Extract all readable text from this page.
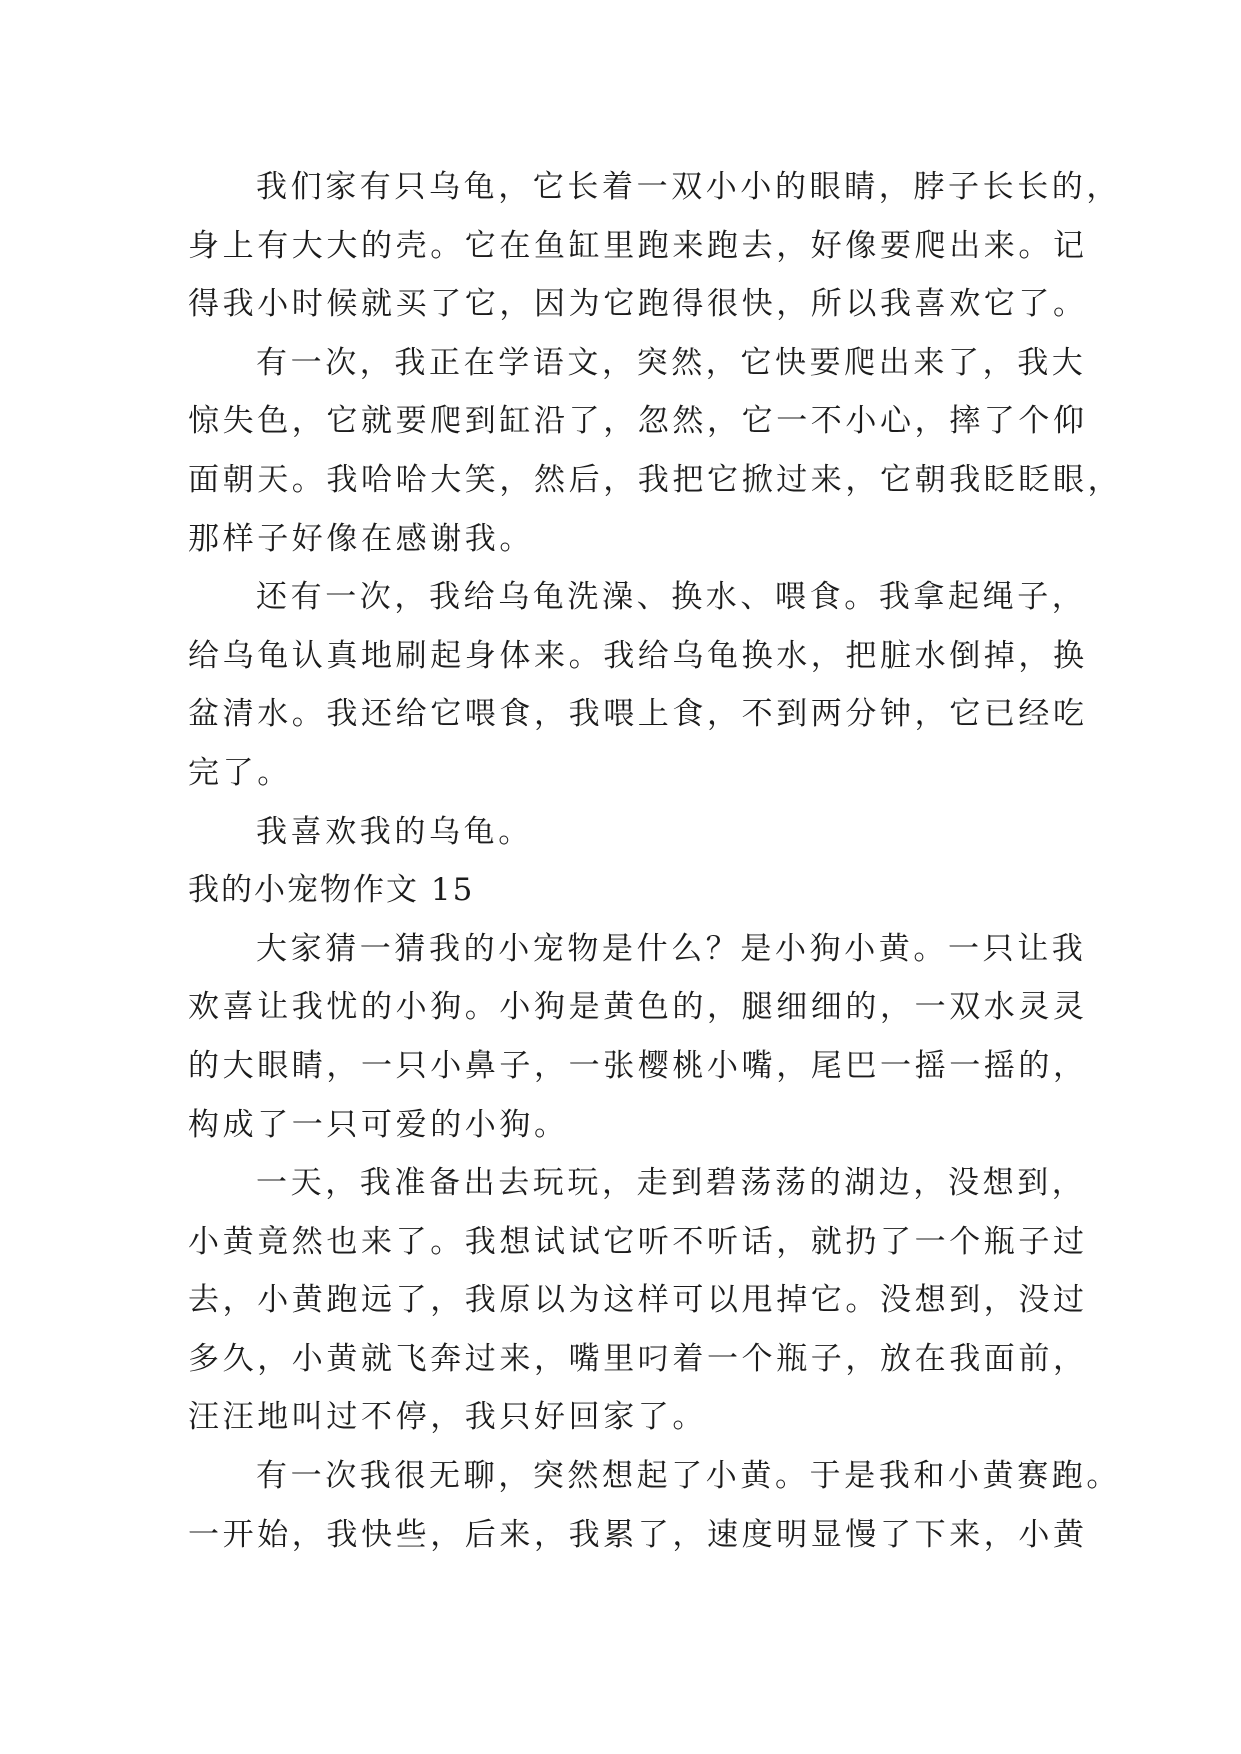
我们家有只乌龟，它长着一双小小的眼睛，脖子长长的，
身上有大大的壳。它在鱼缸里跑来跑去，好像要爬出来。记
得我小时候就买了它，因为它跑得很快，所以我喜欢它了。
有一次，我正在学语文，突然，它快要爬出来了，我大
惊失色，它就要爬到缸沿了，忽然，它一不小心，摔了个仰
面朝天。我哈哈大笑，然后，我把它掀过来，它朝我眨眨眼，
那样子好像在感谢我。
还有一次，我给乌龟洗澡、换水、喂食。我拿起绳子，
给乌龟认真地刷起身体来。我给乌龟换水，把脏水倒掉，换
盆清水。我还给它喂食，我喂上食，不到两分钟，它已经吃
完了。
我喜欢我的乌龟。
我的小宠物作文 15
大家猜一猜我的小宠物是什么？是小狗小黄。一只让我
欢喜让我忧的小狗。小狗是黄色的，腿细细的，一双水灵灵
的大眼睛，一只小鼻子，一张樱桃小嘴，尾巴一摇一摇的，
构成了一只可爱的小狗。
一天，我准备出去玩玩，走到碧荡荡的湖边，没想到，
小黄竟然也来了。我想试试它听不听话，就扔了一个瓶子过
去，小黄跑远了，我原以为这样可以甩掉它。没想到，没过
多久，小黄就飞奔过来，嘴里叼着一个瓶子，放在我面前，
汪汪地叫过不停，我只好回家了。
有一次我很无聊，突然想起了小黄。于是我和小黄赛跑。
一开始，我快些，后来，我累了，速度明显慢了下来，小黄
